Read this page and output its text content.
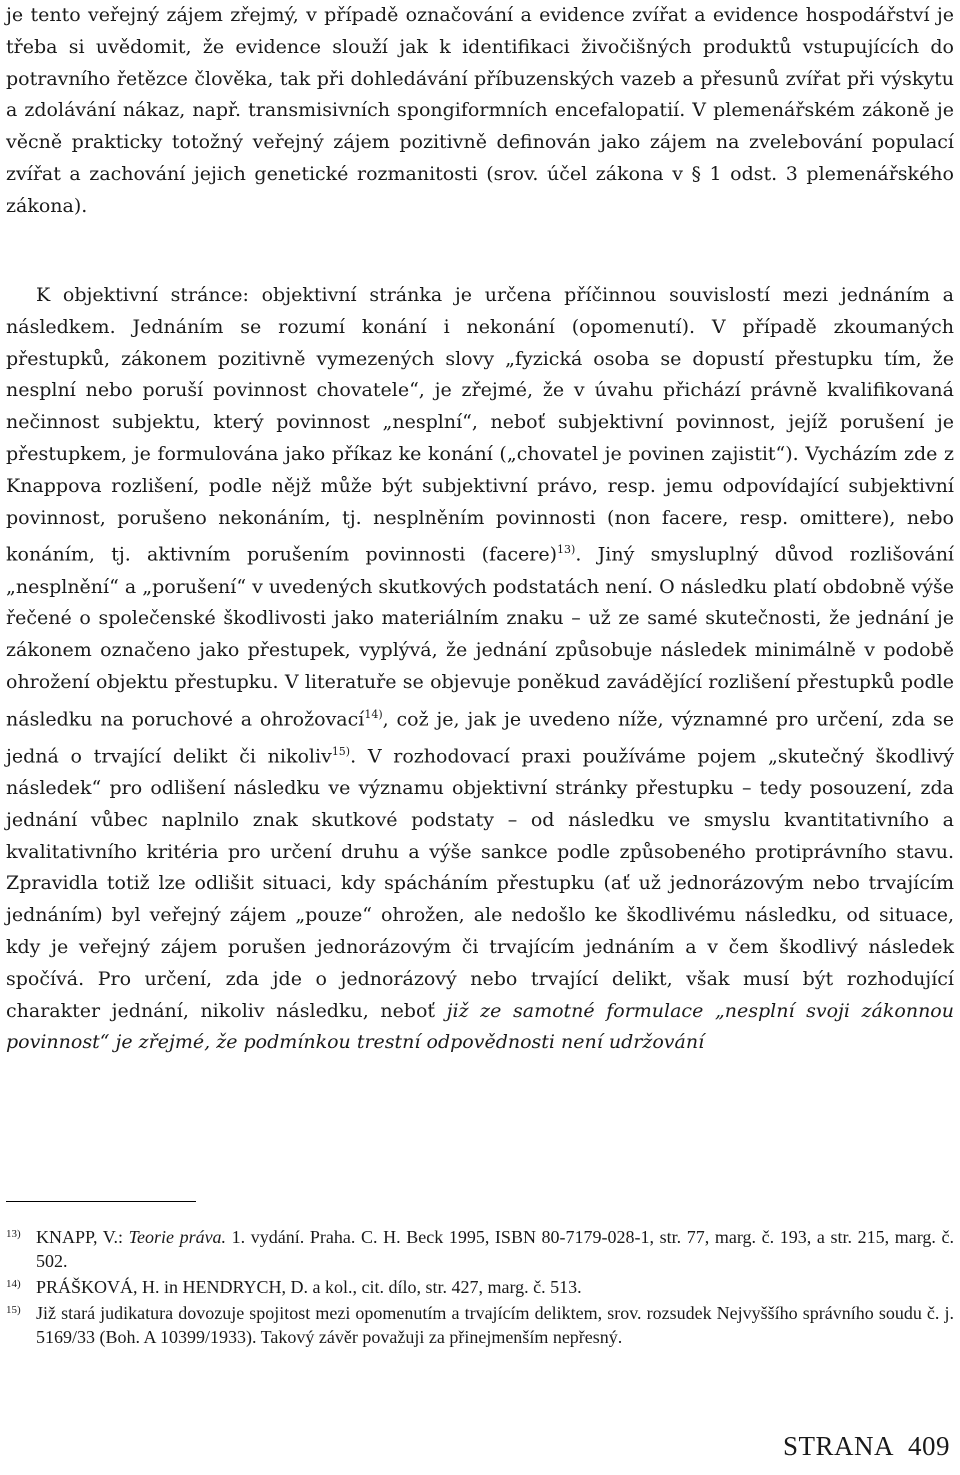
je tento veřejný zájem zřejmý, v případě označování a evidence zvířat a evidence hospodářství je třeba si uvědomit, že evidence slouží jak k identifikaci živočišných produktů vstupujících do potravního řetězce člověka, tak při dohledávání příbuzenských vazeb a přesunů zvířat při výskytu a zdolávání nákaz, např. transmisivních spongiformních encefalopatií. V plemenářském zákoně je věcně prakticky totožný veřejný zájem pozitivně definován jako zájem na zvelebování populací zvířat a zachování jejich genetické rozmanitosti (srov. účel zákona v § 1 odst. 3 plemenářského zákona).

K objektivní stránce: objektivní stránka je určena příčinnou souvislostí mezi jednáním a následkem. Jednáním se rozumí konání i nekonání (opomenutí). V případě zkoumaných přestupků, zákonem pozitivně vymezených slovy „fyzická osoba se dopustí přestupku tím, že nesplní nebo poruší povinnost chovatele“, je zřejmé, že v úvahu přichází právně kvalifikovaná nečinnost subjektu, který povinnost „nesplní“, neboť subjektivní povinnost, jejíž porušení je přestupkem, je formulována jako příkaz ke konání („chovatel je povinen zajistit“). Vycházím zde z Knappova rozlišení, podle nějž může být subjektivní právo, resp. jemu odpovídající subjektivní povinnost, porušeno nekonáním, tj. nesplněním povinnosti (non facere, resp. omittere), nebo konáním, tj. aktivním porušením povinnosti (facere)$^{13)}$. Jiný smysluplný důvod rozlišování „nesplnění“ a „porušení“ v uvedených skutkových podstatách není. O následku platí obdobně výše řečené o společenské škodlivosti jako materiálním znaku – už ze samé skutečnosti, že jednání je zákonem označeno jako přestupek, vyplývá, že jednání způsobuje následek minimálně v podobě ohrožení objektu přestupku. V literatuře se objevuje poněkud zavádějící rozlišení přestupků podle následku na poruchové a ohrožovací$^{14)}$, což je, jak je uvedeno níže, významné pro určení, zda se jedná o trvající delikt či nikoliv$^{15)}$. V rozhodovací praxi používáme pojem „skutečný škodlivý následek“ pro odlišení následku ve významu objektivní stránky přestupku – tedy posouzení, zda jednání vůbec naplnilo znak skutkové podstaty – od následku ve smyslu kvantitativního a kvalitativního kritéria pro určení druhu a výše sankce podle způsobeného protiprávního stavu. Zpravidla totiž lze odlišit situaci, kdy spácháním přestupku (ať už jednorázovým nebo trvajícím jednáním) byl veřejný zájem „pouze“ ohrožen, ale nedošlo ke škodlivému následku, od situace, kdy je veřejný zájem porušen jednorázovým či trvajícím jednáním a v čem škodlivý následek spočívá. Pro určení, zda jde o jednorázový nebo trvající delikt, však musí být rozhodující charakter jednání, nikoliv následku, neboť již ze samotné formulace „nesplní svoji zákonnou povinnost“ je zřejmé, že podmínkou trestní odpovědnosti není udržování

13) KNAPP, V.: Teorie práva. 1. vydání. Praha. C. H. Beck 1995, ISBN 80-7179-028-1, str. 77, marg. č. 193, a str. 215, marg. č. 502.
14) PRÁŠKOVÁ, H. in HENDRYCH, D. a kol., cit. dílo, str. 427, marg. č. 513.
15) Již stará judikatura dovozuje spojitost mezi opomenutím a trvajícím deliktem, srov. rozsudek Nejvyššího správního soudu č. j. 5169/33 (Boh. A 10399/1933). Takový závěr považuji za přinejmenším nepřesný.
STRANA 409
